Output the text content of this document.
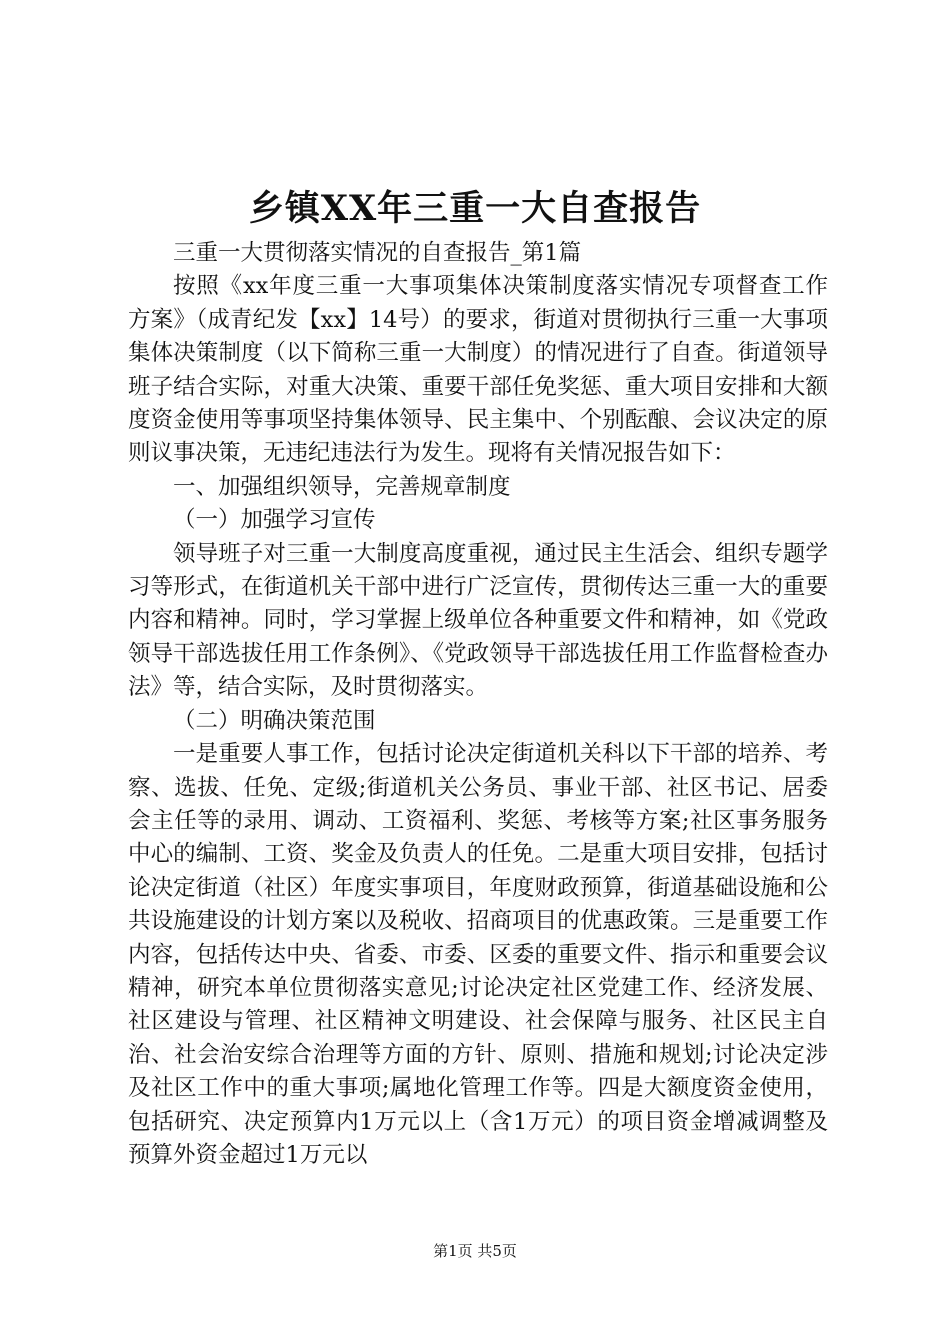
乡镇XX年三重一大自查报告

三重一大贯彻落实情况的自查报告_第1篇

按照《xx年度三重一大事项集体决策制度落实情况专项督查工作方案》（成青纪发【xx】14号）的要求，街道对贯彻执行三重一大事项集体决策制度（以下简称三重一大制度）的情况进行了自查。街道领导班子结合实际，对重大决策、重要干部任免奖惩、重大项目安排和大额度资金使用等事项坚持集体领导、民主集中、个别酝酿、会议决定的原则议事决策，无违纪违法行为发生。现将有关情况报告如下：

一、加强组织领导，完善规章制度

（一）加强学习宣传

领导班子对三重一大制度高度重视，通过民主生活会、组织专题学习等形式，在街道机关干部中进行广泛宣传，贯彻传达三重一大的重要内容和精神。同时，学习掌握上级单位各种重要文件和精神，如《党政领导干部选拔任用工作条例》、《党政领导干部选拔任用工作监督检查办法》等，结合实际，及时贯彻落实。

（二）明确决策范围

一是重要人事工作，包括讨论决定街道机关科以下干部的培养、考察、选拔、任免、定级;街道机关公务员、事业干部、社区书记、居委会主任等的录用、调动、工资福利、奖惩、考核等方案;社区事务服务中心的编制、工资、奖金及负责人的任免。二是重大项目安排，包括讨论决定街道（社区）年度实事项目，年度财政预算，街道基础设施和公共设施建设的计划方案以及税收、招商项目的优惠政策。三是重要工作内容，包括传达中央、省委、市委、区委的重要文件、指示和重要会议精神，研究本单位贯彻落实意见;讨论决定社区党建工作、经济发展、社区建设与管理、社区精神文明建设、社会保障与服务、社区民主自治、社会治安综合治理等方面的方针、原则、措施和规划;讨论决定涉及社区工作中的重大事项;属地化管理工作等。四是大额度资金使用，包括研究、决定预算内1万元以上（含1万元）的项目资金增减调整及预算外资金超过1万元以

第1页 共5页
